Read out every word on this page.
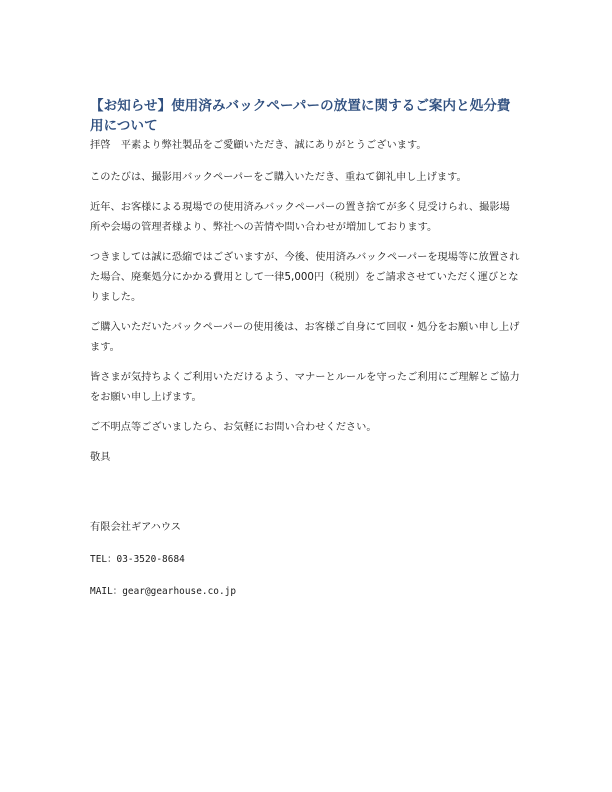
【お知らせ】使用済みバックペーパーの放置に関するご案内と処分費用について

拝啓　平素より弊社製品をご愛顧いただき、誠にありがとうございます。

このたびは、撮影用バックペーパーをご購入いただき、重ねて御礼申し上げます。

近年、お客様による現場での使用済みバックペーパーの置き捨てが多く見受けられ、撮影場所や会場の管理者様より、弊社への苦情や問い合わせが増加しております。

つきましては誠に恐縮ではございますが、今後、使用済みバックペーパーを現場等に放置された場合、廃棄処分にかかる費用として一律5,000円（税別）をご請求させていただく運びとなりました。

ご購入いただいたバックペーパーの使用後は、お客様ご自身にて回収・処分をお願い申し上げます。

皆さまが気持ちよくご利用いただけるよう、マナーとルールを守ったご利用にご理解とご協力をお願い申し上げます。

ご不明点等ございましたら、お気軽にお問い合わせください。

敬具

有限会社ギアハウス

TEL：03-3520-8684

MAIL：gear@gearhouse.co.jp
